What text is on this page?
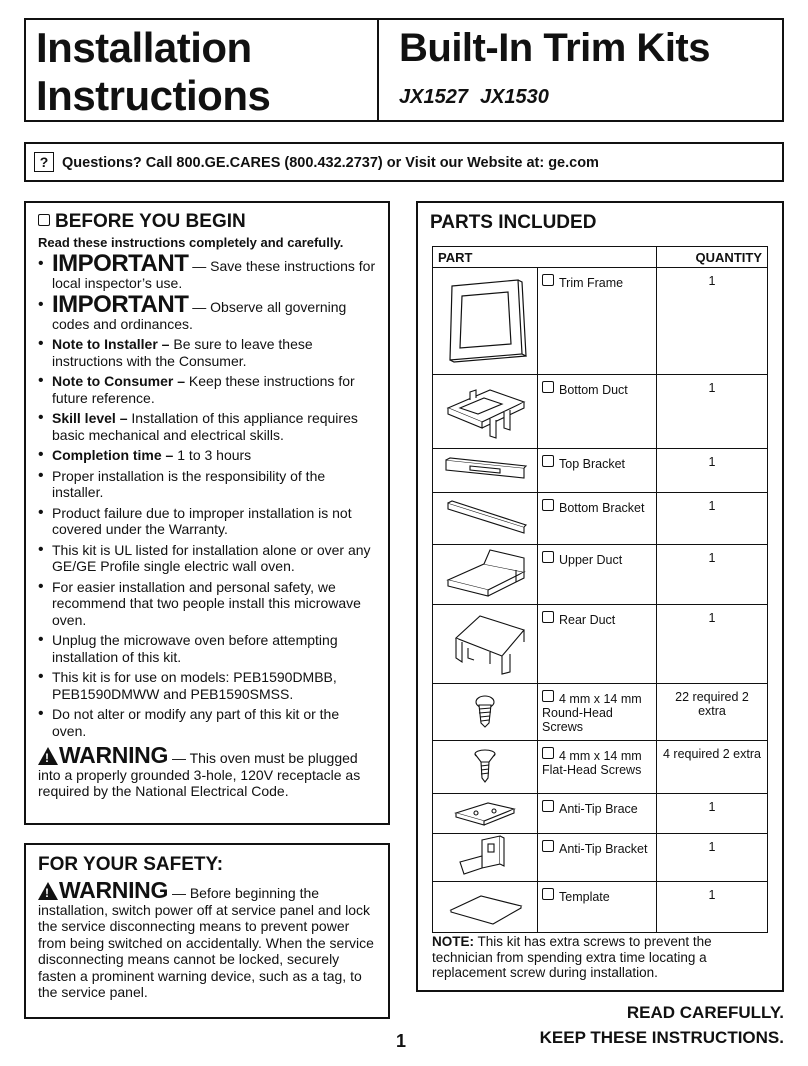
Installation
Instructions
Built-In Trim Kits
JX1527 JX1530
? Questions? Call 800.GE.CARES (800.432.2737) or Visit our Website at: ge.com
BEFORE YOU BEGIN
Read these instructions completely and carefully.
• IMPORTANT — Save these instructions for local inspector’s use.
• IMPORTANT — Observe all governing codes and ordinances.
• Note to Installer – Be sure to leave these instructions with the Consumer.
• Note to Consumer – Keep these instructions for future reference.
• Skill level – Installation of this appliance requires basic mechanical and electrical skills.
• Completion time – 1 to 3 hours
• Proper installation is the responsibility of the installer.
• Product failure due to improper installation is not covered under the Warranty.
• This kit is UL listed for installation alone or over any GE/GE Profile single electric wall oven.
• For easier installation and personal safety, we recommend that two people install this microwave oven.
• Unplug the microwave oven before attempting installation of this kit.
• This kit is for use on models: PEB1590DMBB, PEB1590DMWW and PEB1590SMSS.
• Do not alter or modify any part of this kit or the oven.
!WARNING — This oven must be plugged into a properly grounded 3-hole, 120V receptacle as required by the National Electrical Code.
FOR YOUR SAFETY:
!WARNING — Before beginning the installation, switch power off at service panel and lock the service disconnecting means to prevent power from being switched on accidentally. When the service disconnecting means cannot be locked, securely fasten a prominent warning device, such as a tag, to the service panel.
PARTS INCLUDED
PART		QUANTITY
	Trim Frame	1
	Bottom Duct	1
	Top Bracket	1
	Bottom Bracket	1
	Upper Duct	1
	Rear Duct	1
	4 mm x 14 mm Round-Head Screws	22 required 2 extra
	4 mm x 14 mm Flat-Head Screws	4 required 2 extra
	Anti-Tip Brace	1
	Anti-Tip Bracket	1
	Template	1
NOTE: This kit has extra screws to prevent the technician from spending extra time locating a replacement screw during installation.
1
READ CAREFULLY.
KEEP THESE INSTRUCTIONS.
